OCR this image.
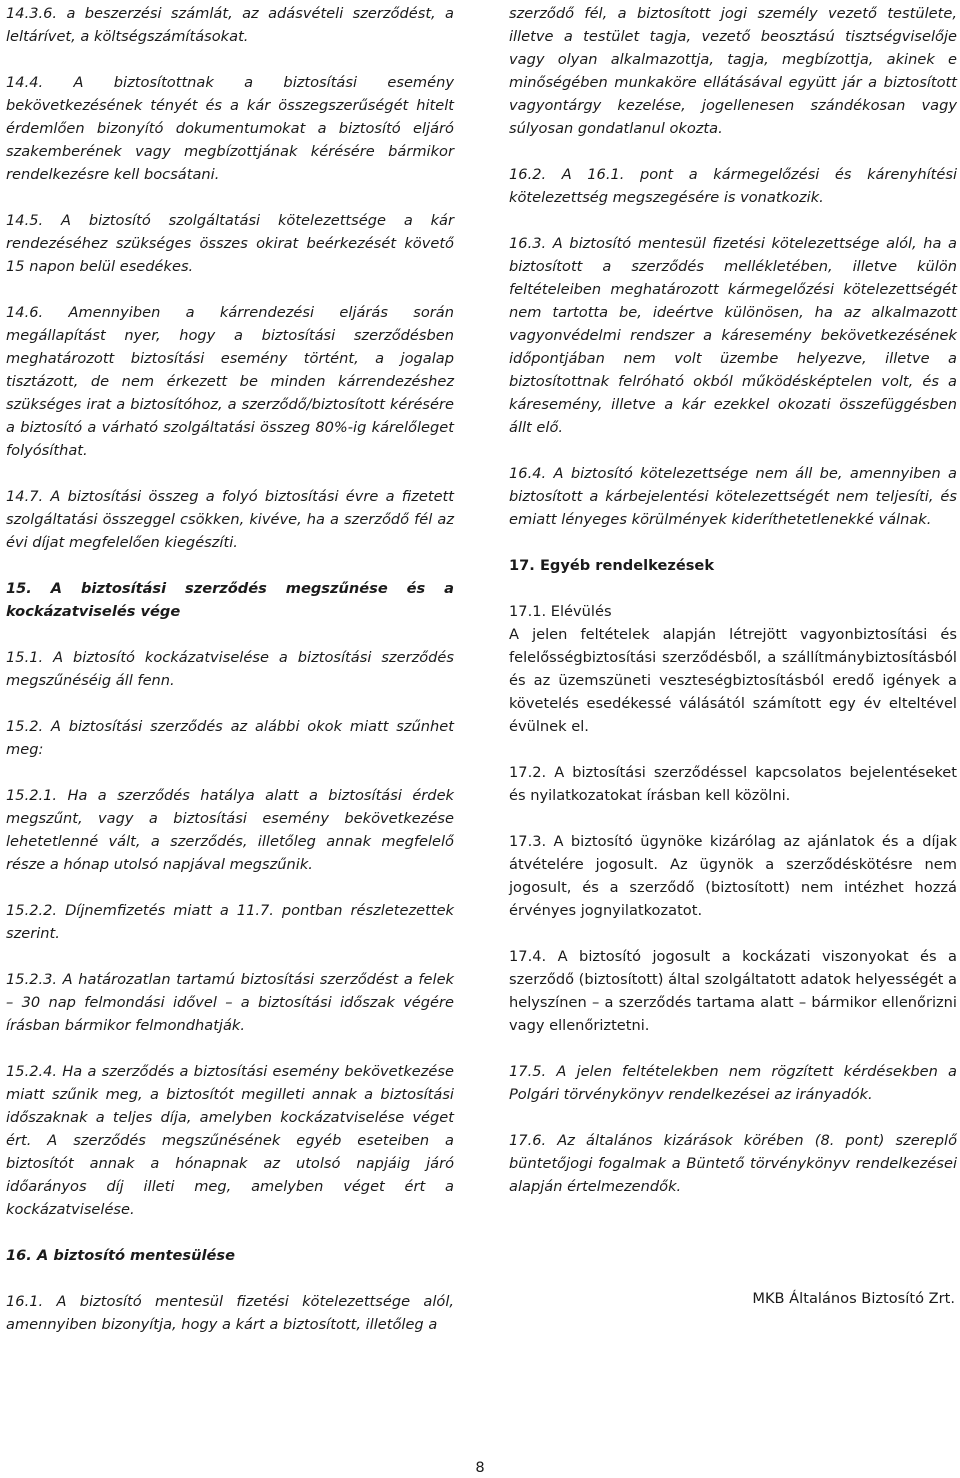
14.3.6. a beszerzési számlát, az adásvételi szerződést, a leltárívet, a költségszámításokat.

14.4. A biztosítottnak a biztosítási esemény bekövetkezésének tényét és a kár összegszerűségét hitelt érdemlően bizonyító dokumentumokat a biztosító eljáró szakemberének vagy megbízottjának kérésére bármikor rendelkezésre kell bocsátani.

14.5. A biztosító szolgáltatási kötelezettsége a kár rendezéséhez szükséges összes okirat beérkezését követő 15 napon belül esedékes.

14.6. Amennyiben a kárrendezési eljárás során megállapítást nyer, hogy a biztosítási szerződésben meghatározott biztosítási esemény történt, a jogalap tisztázott, de nem érkezett be minden kárrendezéshez szükséges irat a biztosítóhoz, a szerződő/biztosított kérésére a biztosító a várható szolgáltatási összeg 80%-ig kárelőleget folyósíthat.

14.7. A biztosítási összeg a folyó biztosítási évre a fizetett szolgáltatási összeggel csökken, kivéve, ha a szerződő fél az évi díjat megfelelően kiegészíti.

15. A biztosítási szerződés megszűnése és a kockázatviselés vége

15.1. A biztosító kockázatviselése a biztosítási szerződés megszűnéséig áll fenn.

15.2. A biztosítási szerződés az alábbi okok miatt szűnhet meg:

15.2.1. Ha a szerződés hatálya alatt a biztosítási érdek megszűnt, vagy a biztosítási esemény bekövetkezése lehetetlenné vált, a szerződés, illetőleg annak megfelelő része a hónap utolsó napjával megszűnik.

15.2.2. Díjnemfizetés miatt a 11.7. pontban részletezettek szerint.

15.2.3. A határozatlan tartamú biztosítási szerződést a felek – 30 nap felmondási idővel – a biztosítási időszak végére írásban bármikor felmondhatják.

15.2.4. Ha a szerződés a biztosítási esemény bekövetkezése miatt szűnik meg, a biztosítót megilleti annak a biztosítási időszaknak a teljes díja, amelyben kockázatviselése véget ért. A szerződés megszűnésének egyéb eseteiben a biztosítót annak a hónapnak az utolsó napjáig járó időarányos díj illeti meg, amelyben véget ért a kockázatviselése.

16. A biztosító mentesülése

16.1. A biztosító mentesül fizetési kötelezettsége alól, amennyiben bizonyítja, hogy a kárt a biztosított, illetőleg a

szerződő fél, a biztosított jogi személy vezető testülete, illetve a testület tagja, vezető beosztású tisztségviselője vagy olyan alkalmazottja, tagja, megbízottja, akinek e minőségében munkaköre ellátásával együtt jár a biztosított vagyontárgy kezelése, jogellenesen szándékosan vagy súlyosan gondatlanul okozta.

16.2. A 16.1. pont a kármegelőzési és kárenyhítési kötelezettség megszegésére is vonatkozik.

16.3. A biztosító mentesül fizetési kötelezettsége alól, ha a biztosított a szerződés mellékletében, illetve külön feltételeiben meghatározott kármegelőzési kötelezettségét nem tartotta be, ideértve különösen, ha az alkalmazott vagyonvédelmi rendszer a káresemény bekövetkezésének időpontjában nem volt üzembe helyezve, illetve a biztosítottnak felróható okból működésképtelen volt, és a káresemény, illetve a kár ezekkel okozati összefüggésben állt elő.

16.4. A biztosító kötelezettsége nem áll be, amennyiben a biztosított a kárbejelentési kötelezettségét nem teljesíti, és emiatt lényeges körülmények kideríthetetlenekké válnak.

17. Egyéb rendelkezések

17.1. Elévülés
A jelen feltételek alapján létrejött vagyonbiztosítási és felelősségbiztosítási szerződésből, a szállítmánybiztosításból és az üzemszüneti veszteségbiztosításból eredő igények a követelés esedékessé válásától számított egy év elteltével évülnek el.

17.2. A biztosítási szerződéssel kapcsolatos bejelentéseket és nyilatkozatokat írásban kell közölni.

17.3. A biztosító ügynöke kizárólag az ajánlatok és a díjak átvételére jogosult. Az ügynök a szerződéskötésre nem jogosult, és a szerződő (biztosított) nem intézhet hozzá érvényes jognyilatkozatot.

17.4. A biztosító jogosult a kockázati viszonyokat és a szerződő (biztosított) által szolgáltatott adatok helyességét a helyszínen – a szerződés tartama alatt – bármikor ellenőrizni vagy ellenőriztetni.

17.5. A jelen feltételekben nem rögzített kérdésekben a Polgári törvénykönyv rendelkezései az irányadók.

17.6. Az általános kizárások körében (8. pont) szereplő büntetőjogi fogalmak a Büntető törvénykönyv rendelkezései alapján értelmezendők.

MKB Általános Biztosító Zrt.
8
